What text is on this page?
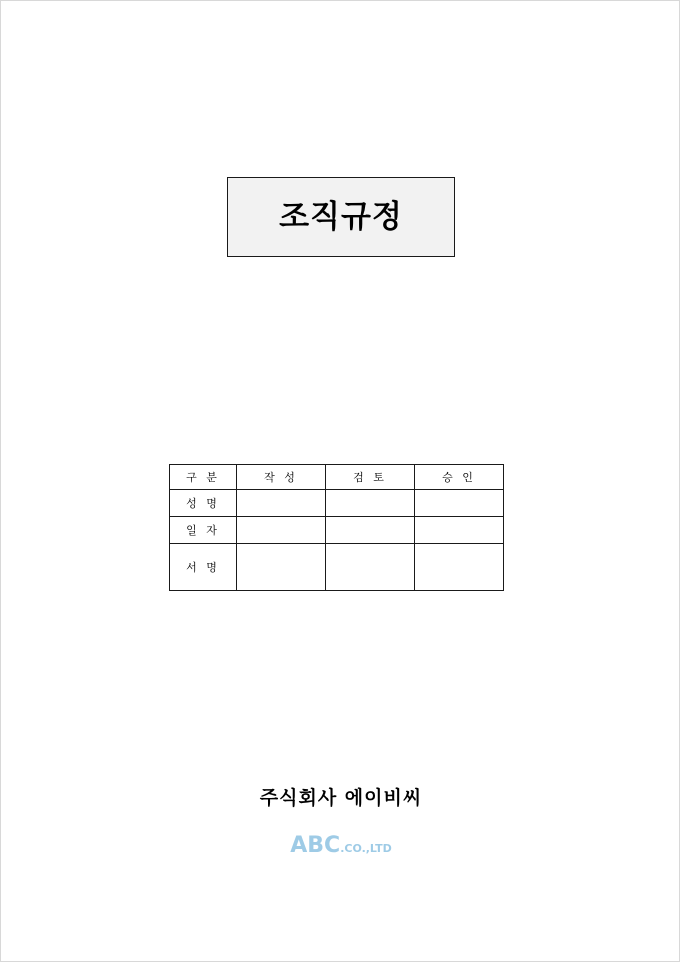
조직규정
구 분	작 성	검 토	승 인
성 명			
일 자			
서 명			
주식회사 에이비씨
ABC.CO.,LTD
